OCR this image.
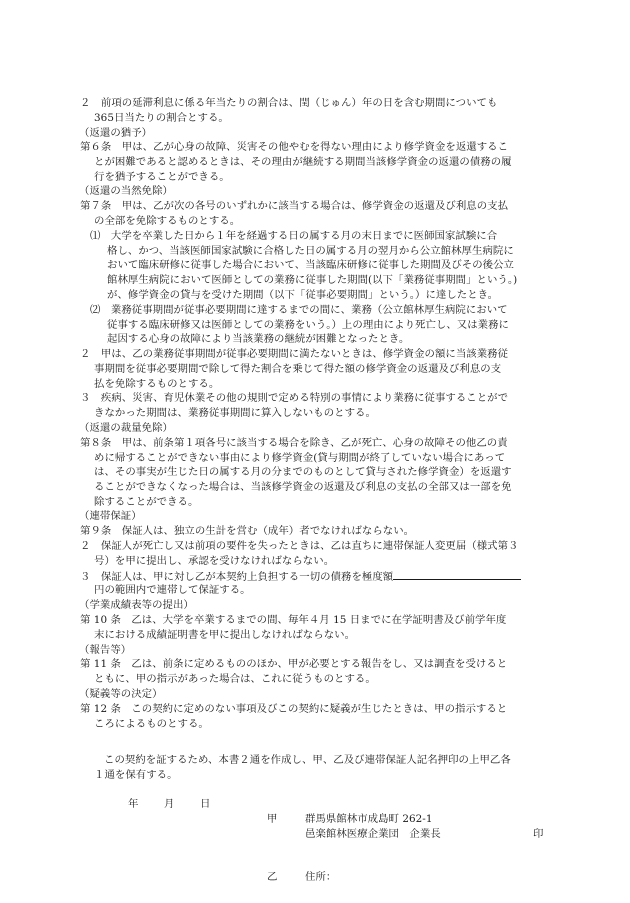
２　前項の延滞利息に係る年当たりの割合は、閏（じゅん）年の日を含む期間についても
365日当たりの割合とする。
（返還の猶予）
第６条　甲は、乙が心身の故障、災害その他やむを得ない理由により修学資金を返還するこ
とが困難であると認めるときは、その理由が継続する期間当該修学資金の返還の債務の履
行を猶予することができる。
（返還の当然免除）
第７条　甲は、乙が次の各号のいずれかに該当する場合は、修学資金の返還及び利息の支払
の全部を免除するものとする。
⑴　大学を卒業した日から１年を経過する日の属する月の末日までに医師国家試験に合
格し、かつ、当該医師国家試験に合格した日の属する月の翌月から公立館林厚生病院に
おいて臨床研修に従事した場合において、当該臨床研修に従事した期間及びその後公立
館林厚生病院において医師としての業務に従事した期間(以下「業務従事期間」という。)
が、修学資金の貸与を受けた期間（以下「従事必要期間」という。）に達したとき。
⑵　業務従事期間が従事必要期間に達するまでの間に、業務（公立館林厚生病院において
従事する臨床研修又は医師としての業務をいう。）上の理由により死亡し、又は業務に
起因する心身の故障により当該業務の継続が困難となったとき。
２　甲は、乙の業務従事期間が従事必要期間に満たないときは、修学資金の額に当該業務従
事期間を従事必要期間で除して得た割合を乗じて得た額の修学資金の返還及び利息の支
払を免除するものとする。
３　疾病、災害、育児休業その他の規則で定める特別の事情により業務に従事することがで
きなかった期間は、業務従事期間に算入しないものとする。
（返還の裁量免除）
第８条　甲は、前条第１項各号に該当する場合を除き、乙が死亡、心身の故障その他乙の責
めに帰することができない事由により修学資金(貸与期間が終了していない場合にあって
は、その事実が生じた日の属する月の分までのものとして貸与された修学資金）を返還す
ることができなくなった場合は、当該修学資金の返還及び利息の支払の全部又は一部を免
除することができる。
（連帯保証）
第９条　保証人は、独立の生計を営む（成年）者でなければならない。
２　保証人が死亡し又は前項の要件を失ったときは、乙は直ちに連帯保証人変更届（様式第３
号）を甲に提出し、承認を受けなければならない。
３　保証人は、甲に対し乙が本契約上負担する一切の債務を極度額
円の範囲内で連帯して保証する。
（学業成績表等の提出）
第 10 条　乙は、大学を卒業するまでの間、毎年４月 15 日までに在学証明書及び前学年度
末における成績証明書を甲に提出しなければならない。
（報告等）
第 11 条　乙は、前条に定めるもののほか、甲が必要とする報告をし、又は調査を受けると
ともに、甲の指示があった場合は、これに従うものとする。
（疑義等の決定）
第 12 条　この契約に定めのない事項及びこの契約に疑義が生じたときは、甲の指示すると
ころによるものとする。
この契約を証するため、本書２通を作成し、甲、乙及び連帯保証人記名押印の上甲乙各
１通を保有する。
年 月 日
甲	群馬県館林市成島町 262-1
邑楽館林医療企業団　企業長	印
乙	住所：
